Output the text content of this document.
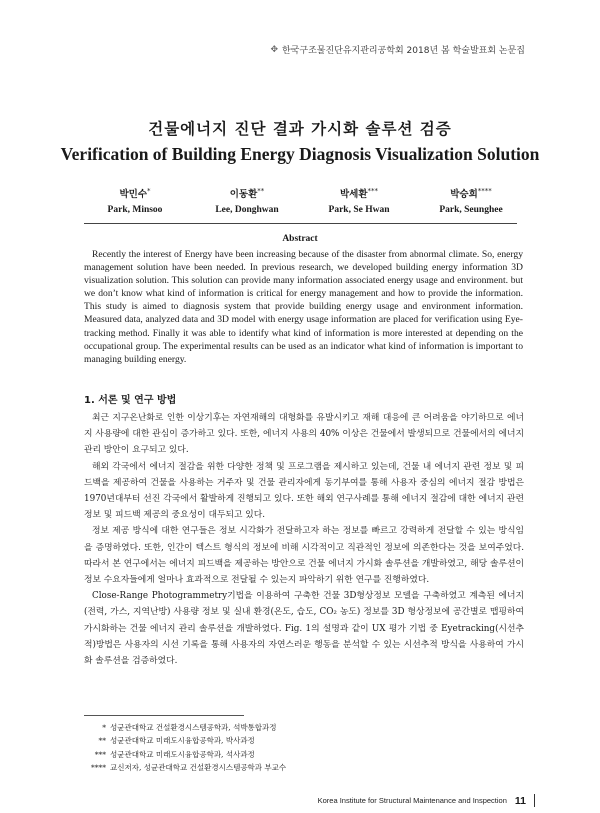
✥ 한국구조물진단유지관리공학회 2018년 봄 학술발표회 논문집
건물에너지 진단 결과 가시화 솔루션 검증
Verification of Building Energy Diagnosis Visualization Solution
박민수*
Park, Minsoo
이동환**
Lee, Donghwan
박세환***
Park, Se Hwan
박승희****
Park, Seunghee
Abstract
Recently the interest of Energy have been increasing because of the disaster from abnormal climate. So, energy management solution have been needed. In previous research, we developed building energy information 3D visualization solution. This solution can provide many information associated energy usage and environment. but we don’t know what kind of information is critical for energy management and how to provide the information. This study is aimed to diagnosis system that provide building energy usage and environment information. Measured data, analyzed data and 3D model with energy usage information are placed for verification using Eye-tracking method. Finally it was able to identify what kind of information is more interested at depending on the occupational group. The experimental results can be used as an indicator what kind of information is important to managing building energy.
1. 서론 및 연구 방법

최근 지구온난화로 인한 이상기후는 자연재해의 대형화를 유발시키고 재해 대응에 큰 어려움을 야기하므로 에너지 사용량에 대한 관심이 증가하고 있다. 또한, 에너지 사용의 40% 이상은 건물에서 발생되므로 건물에서의 에너지 관리 방안이 요구되고 있다.

해외 각국에서 에너지 절감을 위한 다양한 정책 및 프로그램을 제시하고 있는데, 건물 내 에너지 관련 정보 및 피드백을 제공하여 건물을 사용하는 거주자 및 건물 관리자에게 동기부여를 통해 사용자 중심의 에너지 절감 방법은 1970년대부터 선진 각국에서 활발하게 진행되고 있다. 또한 해외 연구사례를 통해 에너지 절감에 대한 에너지 관련 정보 및 피드백 제공의 중요성이 대두되고 있다.

정보 제공 방식에 대한 연구들은 정보 시각화가 전달하고자 하는 정보를 빠르고 강력하게 전달할 수 있는 방식임을 증명하였다. 또한, 인간이 텍스트 형식의 정보에 비해 시각적이고 직관적인 정보에 의존한다는 것을 보여주었다. 따라서 본 연구에서는 에너지 피드백을 제공하는 방안으로 건물 에너지 가시화 솔루션을 개발하였고, 해당 솔루션이 정보 수요자들에게 얼마나 효과적으로 전달될 수 있는지 파악하기 위한 연구를 진행하였다.

Close-Range Photogrammetry기법을 이용하여 구축한 건물 3D형상정보 모델을 구축하였고 계측된 에너지(전력, 가스, 지역난방) 사용량 정보 및 실내 환경(온도, 습도, CO₂ 농도) 정보를 3D 형상정보에 공간별로 맵핑하여 가시화하는 건물 에너지 관리 솔루션을 개발하였다. Fig. 1의 설명과 같이 UX 평가 기법 중 Eyetracking(시선추적)방법은 사용자의 시선 기록을 통해 사용자의 자연스러운 행동을 분석할 수 있는 시선추적 방식을 사용하여 가시화 솔루션을 검증하였다.

* 성균관대학교 건설환경시스템공학과, 석박통합과정
** 성균관대학교 미래도시융합공학과, 박사과정
*** 성균관대학교 미래도시융합공학과, 석사과정
**** 교신저자, 성균관대학교 건설환경시스템공학과 부교수
Korea Institute for Structural Maintenance and Inspection 11
